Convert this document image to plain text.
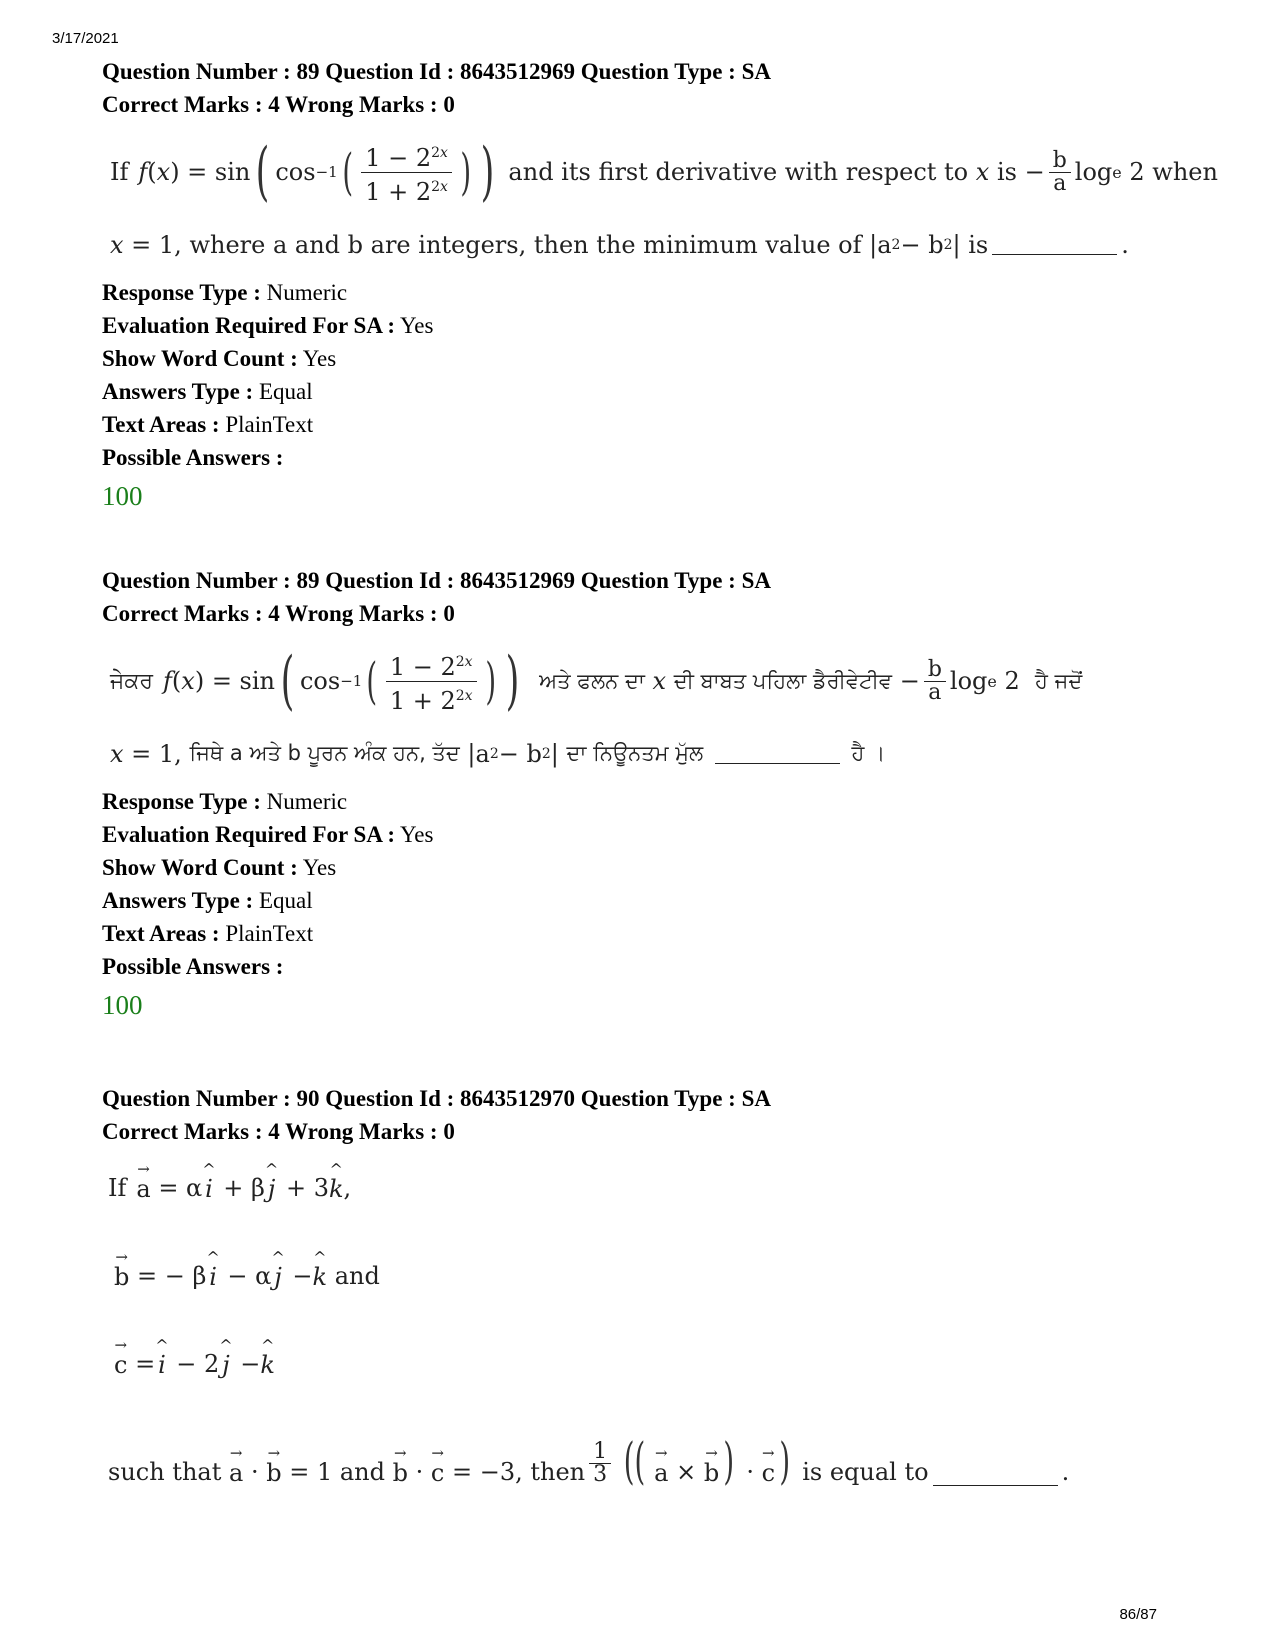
3/17/2021
Question Number : 89 Question Id : 8643512969 Question Type : SA
Correct Marks : 4 Wrong Marks : 0
If f ( x ) = sin ( cos −1 ( $\frac{1 - 2^{2x}}{1 + 2^{2x}}$ ) ) and its first derivative with respect to
x
is − $\frac{b}{a}$ log e 2 when
x = 1, where a and b are integers, then the minimum value of |a 2 − b 2 | is	.
Response Type : Numeric
Evaluation Required For SA : Yes
Show Word Count : Yes
Answers Type : Equal
Text Areas : PlainText
Possible Answers :
100
Question Number : 89 Question Id : 8643512969 Question Type : SA
Correct Marks : 4 Wrong Marks : 0
ਜੇਕਰ f ( x ) = sin ( cos −1 ( $\frac{1 - 2^{2x}}{1 + 2^{2x}}$ ) ) ਅਤੇ ਫਲਨ ਦਾ
x
ਦੀ ਬਾਬਤ ਪਹਿਲਾ ਡੈਰੀਵੇਟੀਵ − $\frac{b}{a}$ log e 2 ਹੈ ਜਦੋਂ
x = 1, ਜਿਥੇ a ਅਤੇ b ਪੂਰਨ ਅੰਕ ਹਨ, ਤੱਦ |a 2 − b 2 | ਦਾ ਨਿਊਨਤਮ ਮੁੱਲ

	ਹੈ ।
Response Type : Numeric
Evaluation Required For SA : Yes
Show Word Count : Yes
Answers Type : Equal
Text Areas : PlainText
Possible Answers :
100
Question Number : 90 Question Id : 8643512970 Question Type : SA
Correct Marks : 4 Wrong Marks : 0
If
→
a = α
^
i + β
^
j + 3
^
k ,
→
b = − β
^
i − α
^
j −
^
k
and
→
c =
^
i − 2
^
j −
^
k
such that

→
a ·
→
b = 1 and

→
b ·
→
c = −3, then $\frac{1}{3}$ (( →
a ×
→
b ) ·
→
c )
is equal to	.
86/87
